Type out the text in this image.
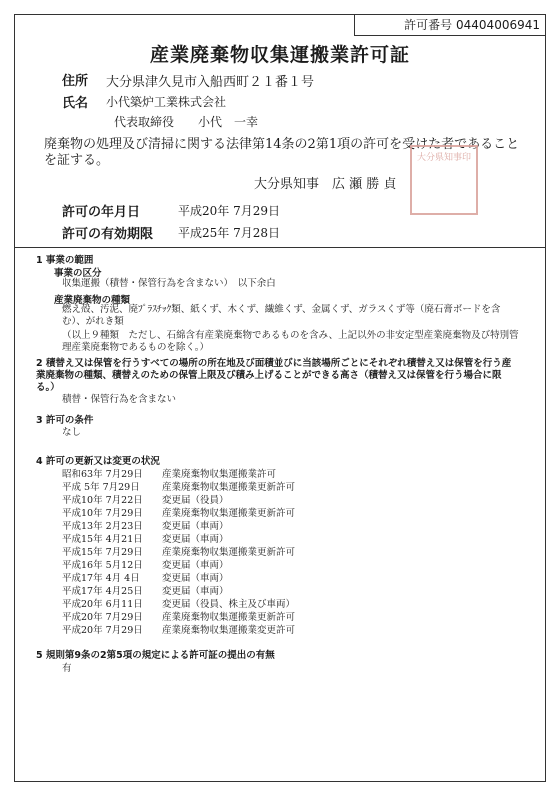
許可番号 04404006941
産業廃棄物収集運搬業許可証
住所 大分県津久見市入船西町２１番１号
氏名 小代築炉工業株式会社
代表取締役　　小代　一幸
廃棄物の処理及び清掃に関する法律第14条の2第1項の許可を受けた者であることを証する。
大分県知事　広 瀬 勝 貞
大分県知事印
許可の年月日	平成20年 7月29日
許可の有効期限 平成25年 7月28日
1 事業の範囲
事業の区分
収集運搬（積替・保管行為を含まない）　以下余白
産業廃棄物の種類
燃え殻、汚泥、廃ﾌﾟﾗｽﾁｯｸ類、紙くず、木くず、繊維くず、金属くず、ガラスくず等（廃石膏ボードを含む）、がれき類
（以上９種類　ただし、石綿含有産業廃棄物であるものを含み、上記以外の非安定型産業廃棄物及び特別管理産業廃棄物であるものを除く。）
2 積替え又は保管を行うすべての場所の所在地及び面積並びに当該場所ごとにそれぞれ積替え又は保管を行う産業廃棄物の種類、積替えのための保管上限及び積み上げることができる高さ（積替え又は保管を行う場合に限る。）
積替・保管行為を含まない
3 許可の条件
なし
4 許可の更新又は変更の状況
昭和63年 7月29日 産業廃棄物収集運搬業許可
平成 5年 7月29日 産業廃棄物収集運搬業更新許可
平成10年 7月22日 変更届（役員）
平成10年 7月29日 産業廃棄物収集運搬業更新許可
平成13年 2月23日 変更届（車両）
平成15年 4月21日 変更届（車両）
平成15年 7月29日 産業廃棄物収集運搬業更新許可
平成16年 5月12日 変更届（車両）
平成17年 4月 4日 変更届（車両）
平成17年 4月25日 変更届（車両）
平成20年 6月11日 変更届（役員、株主及び車両）
平成20年 7月29日 産業廃棄物収集運搬業更新許可
平成20年 7月29日 産業廃棄物収集運搬業変更許可
5 規則第9条の2第5項の規定による許可証の提出の有無
有
